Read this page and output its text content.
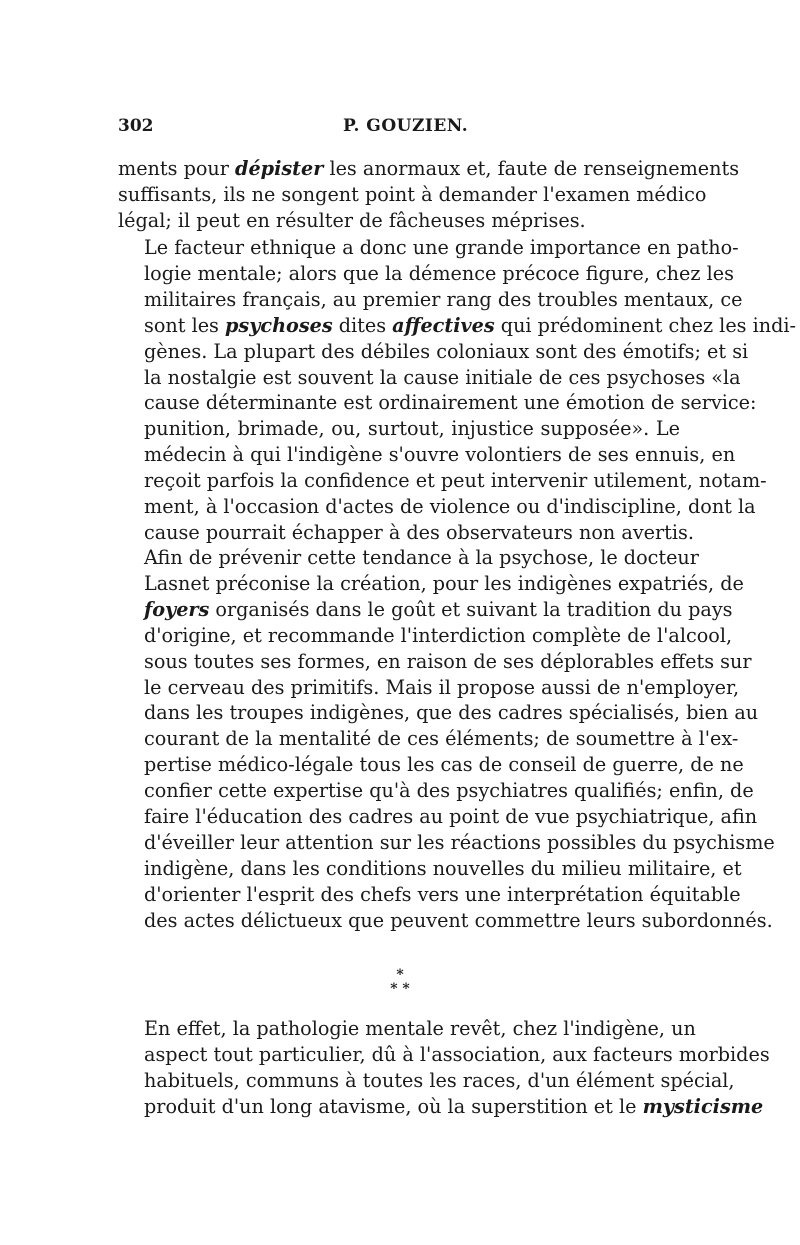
302	P. GOUZIEN.

ments pour dépister les anormaux et, faute de renseignements
suffisants, ils ne songent point à demander l'examen médico
légal; il peut en résulter de fâcheuses méprises.

Le facteur ethnique a donc une grande importance en patho-
logie mentale; alors que la démence précoce figure, chez les
militaires français, au premier rang des troubles mentaux, ce
sont les psychoses dites affectives qui prédominent chez les indi-
gènes. La plupart des débiles coloniaux sont des émotifs; et si
la nostalgie est souvent la cause initiale de ces psychoses «la
cause déterminante est ordinairement une émotion de service:
punition, brimade, ou, surtout, injustice supposée». Le
médecin à qui l'indigène s'ouvre volontiers de ses ennuis, en
reçoit parfois la confidence et peut intervenir utilement, notam-
ment, à l'occasion d'actes de violence ou d'indiscipline, dont la
cause pourrait échapper à des observateurs non avertis.

Afin de prévenir cette tendance à la psychose, le docteur
Lasnet préconise la création, pour les indigènes expatriés, de
foyers organisés dans le goût et suivant la tradition du pays
d'origine, et recommande l'interdiction complète de l'alcool,
sous toutes ses formes, en raison de ses déplorables effets sur
le cerveau des primitifs. Mais il propose aussi de n'employer,
dans les troupes indigènes, que des cadres spécialisés, bien au
courant de la mentalité de ces éléments; de soumettre à l'ex-
pertise médico-légale tous les cas de conseil de guerre, de ne
confier cette expertise qu'à des psychiatres qualifiés; enfin, de
faire l'éducation des cadres au point de vue psychiatrique, afin
d'éveiller leur attention sur les réactions possibles du psychisme
indigène, dans les conditions nouvelles du milieu militaire, et
d'orienter l'esprit des chefs vers une interprétation équitable
des actes délictueux que peuvent commettre leurs subordonnés.

*
* *

En effet, la pathologie mentale revêt, chez l'indigène, un
aspect tout particulier, dû à l'association, aux facteurs morbides
habituels, communs à toutes les races, d'un élément spécial,
produit d'un long atavisme, où la superstition et le mysticisme
